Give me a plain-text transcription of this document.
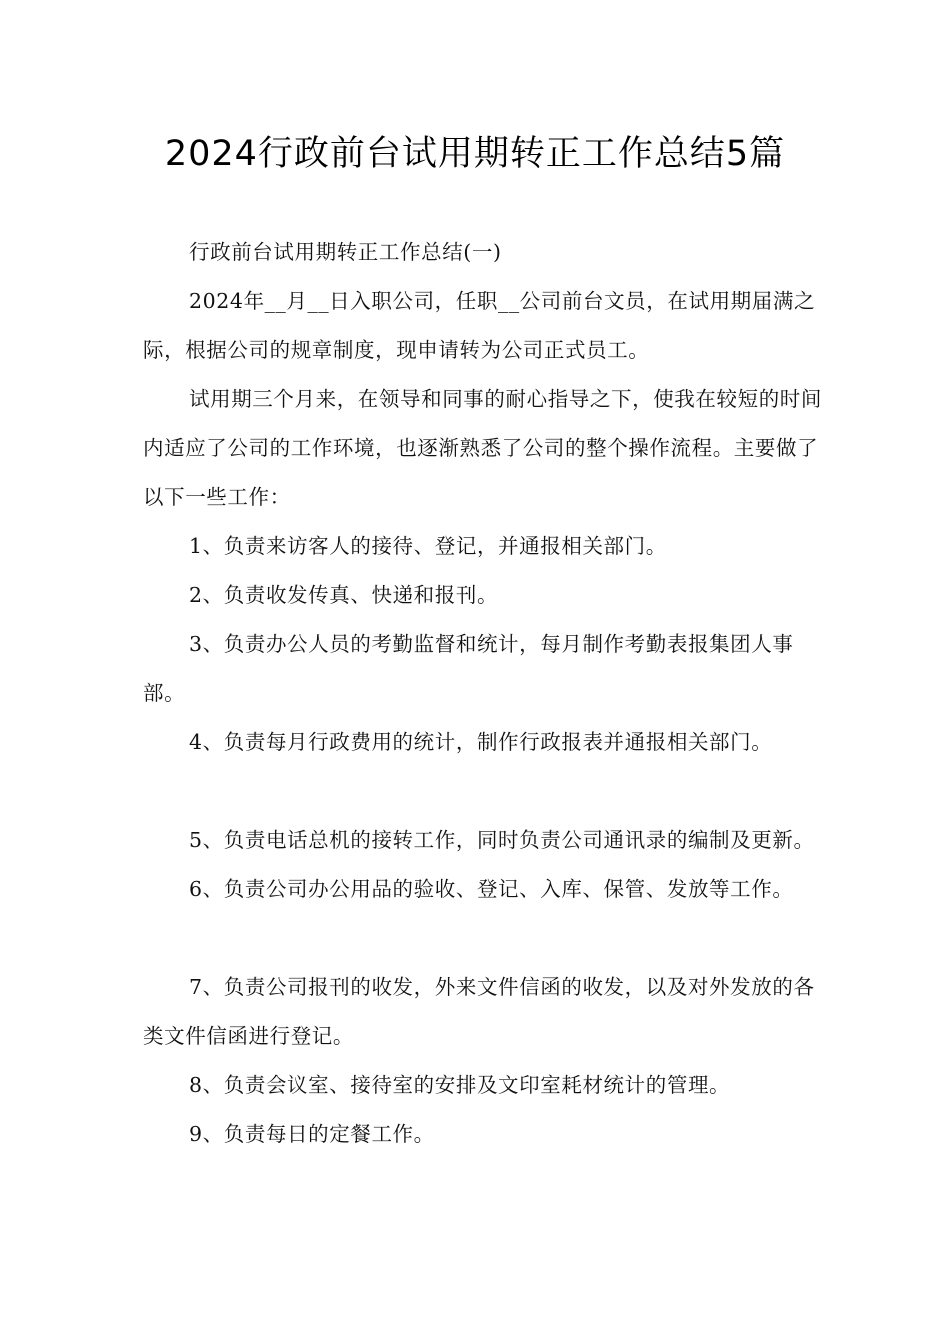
2024行政前台试用期转正工作总结5篇

行政前台试用期转正工作总结(一)

2024年__月__日入职公司，任职__公司前台文员，在试用期届满之际，根据公司的规章制度，现申请转为公司正式员工。

试用期三个月来，在领导和同事的耐心指导之下，使我在较短的时间内适应了公司的工作环境，也逐渐熟悉了公司的整个操作流程。主要做了以下一些工作：

1、负责来访客人的接待、登记，并通报相关部门。

2、负责收发传真、快递和报刊。

3、负责办公人员的考勤监督和统计，每月制作考勤表报集团人事部。

4、负责每月行政费用的统计，制作行政报表并通报相关部门。

5、负责电话总机的接转工作，同时负责公司通讯录的编制及更新。

6、负责公司办公用品的验收、登记、入库、保管、发放等工作。

7、负责公司报刊的收发，外来文件信函的收发，以及对外发放的各类文件信函进行登记。

8、负责会议室、接待室的安排及文印室耗材统计的管理。

9、负责每日的定餐工作。
